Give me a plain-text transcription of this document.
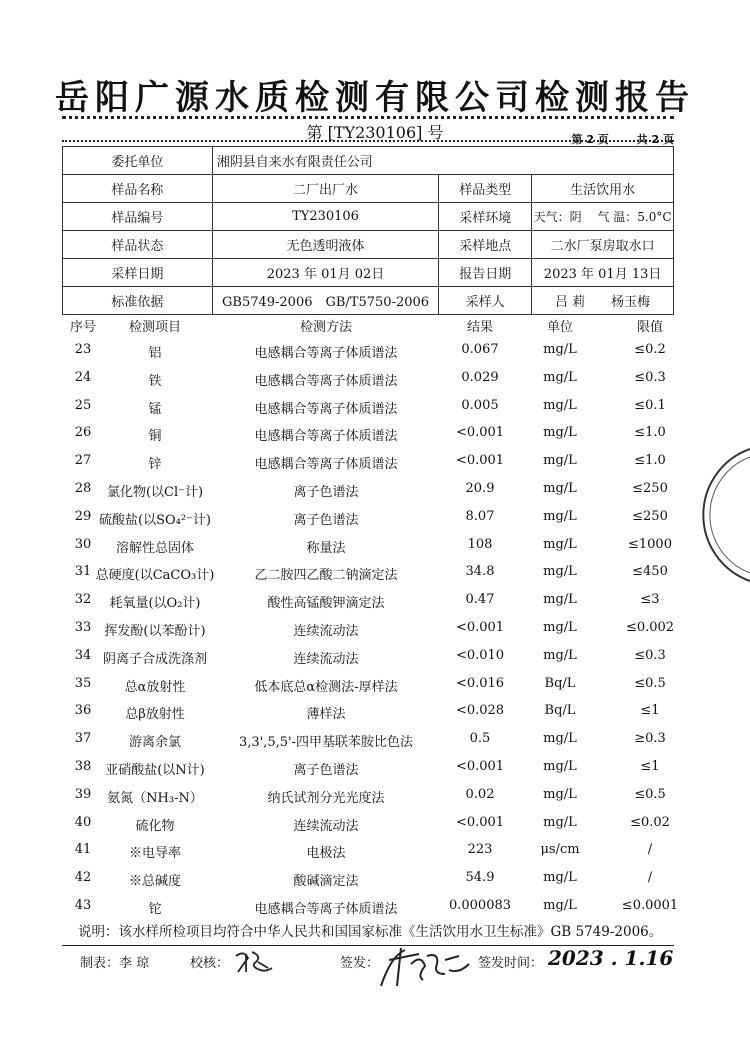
岳阳广源水质检测有限公司检测报告
第 [TY230106] 号	第 2 页	共 2 页
委托单位	湘阴县自来水有限责任公司		
样品名称	二厂出厂水	样品类型	生活饮用水
样品编号	TY230106	采样环境	天气：阴　 气 温：5.0°C
样品状态	无色透明液体	采样地点	二水厂泵房取水口
采样日期	2023 年 01月 02日	报告日期	2023 年 01月 13日
标准依据	GB5749-2006　GB/T5750-2006	采样人	吕 莉　　杨玉梅
序号	检测项目	检测方法	结果	单位	限值
23	铝	电感耦合等离子体质谱法	0.067	mg/L	≤0.2
24	铁	电感耦合等离子体质谱法	0.029	mg/L	≤0.3
25	锰	电感耦合等离子体质谱法	0.005	mg/L	≤0.1
26	铜	电感耦合等离子体质谱法	<0.001	mg/L	≤1.0
27	锌	电感耦合等离子体质谱法	<0.001	mg/L	≤1.0
28	氯化物(以Cl⁻计)	离子色谱法	20.9	mg/L	≤250
29 硫酸盐(以SO₄²⁻计)	离子色谱法	8.07	mg/L	≤250
30	溶解性总固体	称量法	108	mg/L	≤1000
31 总硬度(以CaCO₃计)	乙二胺四乙酸二钠滴定法	34.8	mg/L	≤450
32	耗氧量(以O₂计)	酸性高锰酸钾滴定法	0.47	mg/L	≤3
33	挥发酚(以苯酚计)	连续流动法	<0.001	mg/L	≤0.002
34 阴离子合成洗涤剂	连续流动法	<0.010	mg/L	≤0.3
35	总α放射性	低本底总α检测法-厚样法	<0.016	Bq/L	≤0.5
36	总β放射性	薄样法	<0.028	Bq/L	≤1
37	游离余氯	3,3',5,5'-四甲基联苯胺比色法	0.5	mg/L	≥0.3
38	亚硝酸盐(以N计)	离子色谱法	<0.001	mg/L	≤1
39	氨氮（NH₃-N）	纳氏试剂分光光度法	0.02	mg/L	≤0.5
40	硫化物	连续流动法	<0.001	mg/L	≤0.02
41	※电导率	电极法	223	μs/cm	/
42	※总碱度	酸碱滴定法	54.9	mg/L	/
43	铊	电感耦合等离子体质谱法	0.000083	mg/L	≤0.0001
说明：该水样所检项目均符合中华人民共和国国家标准《生活饮用水卫生标准》GB 5749-2006。
制表：李 琼	校核：	签发：	签发时间： 2023 . 1.16
